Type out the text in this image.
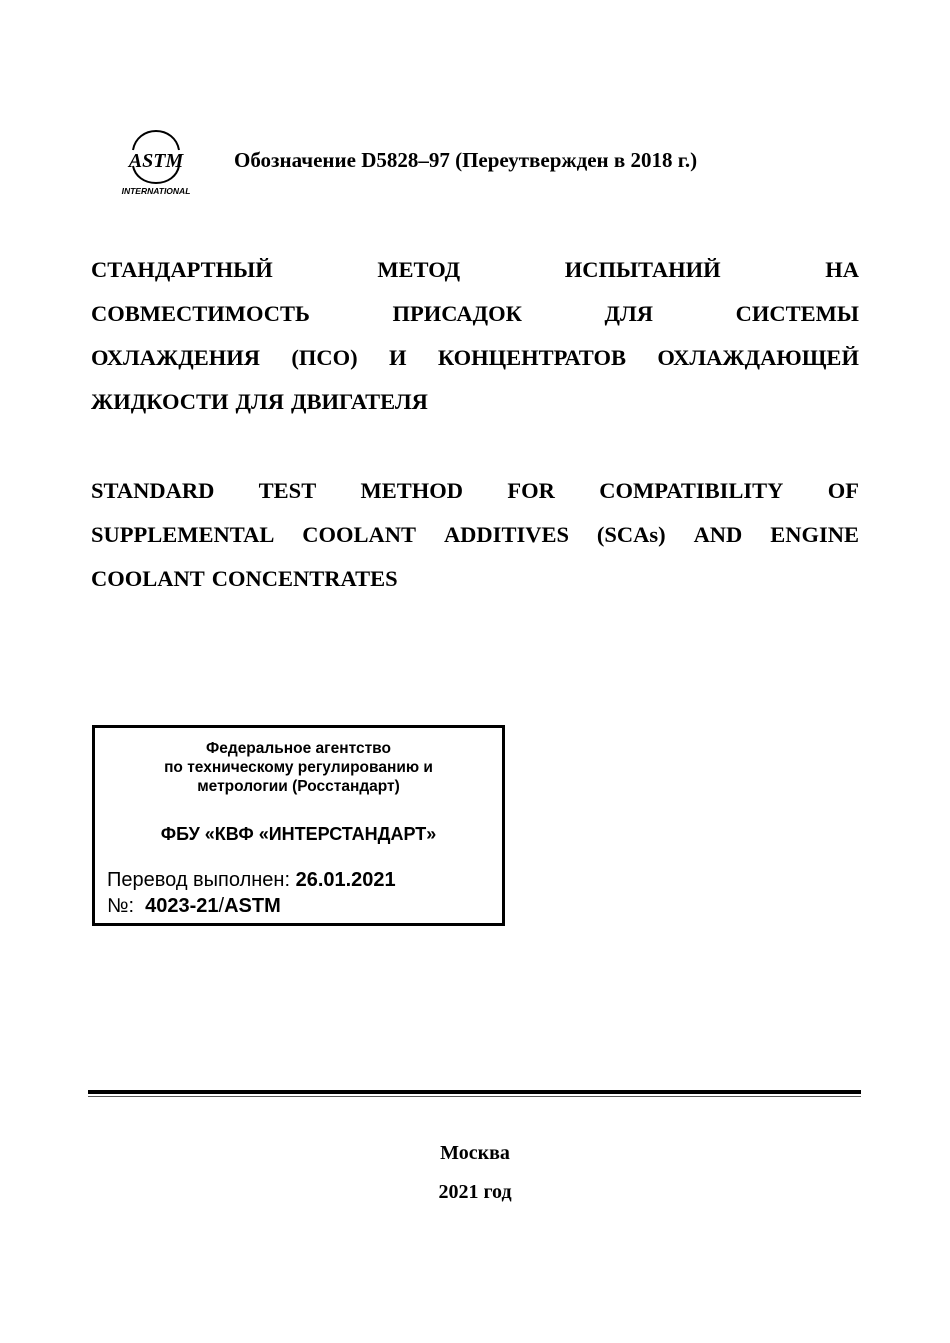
ASTM
INTERNATIONAL
Обозначение D5828–97 (Переутвержден в 2018 г.)
СТАНДАРТНЫЙ	МЕТОД	ИСПЫТАНИЙ	НА
СОВМЕСТИМОСТЬ	ПРИСАДОК	ДЛЯ	СИСТЕМЫ
ОХЛАЖДЕНИЯ (ПСО) И КОНЦЕНТРАТОВ ОХЛАЖДАЮЩЕЙ
ЖИДКОСТИ ДЛЯ ДВИГАТЕЛЯ
STANDARD TEST METHOD FOR COMPATIBILITY OF
SUPPLEMENTAL COOLANT ADDITIVES (SCAs) AND ENGINE
COOLANT CONCENTRATES
Федеральное агентство
по техническому регулированию и
метрологии (Росстандарт)
ФБУ «КВФ «ИНТЕРСТАНДАРТ»
Перевод выполнен: 26.01.2021
№:  4023-21/ASTM
Москва
2021 год
